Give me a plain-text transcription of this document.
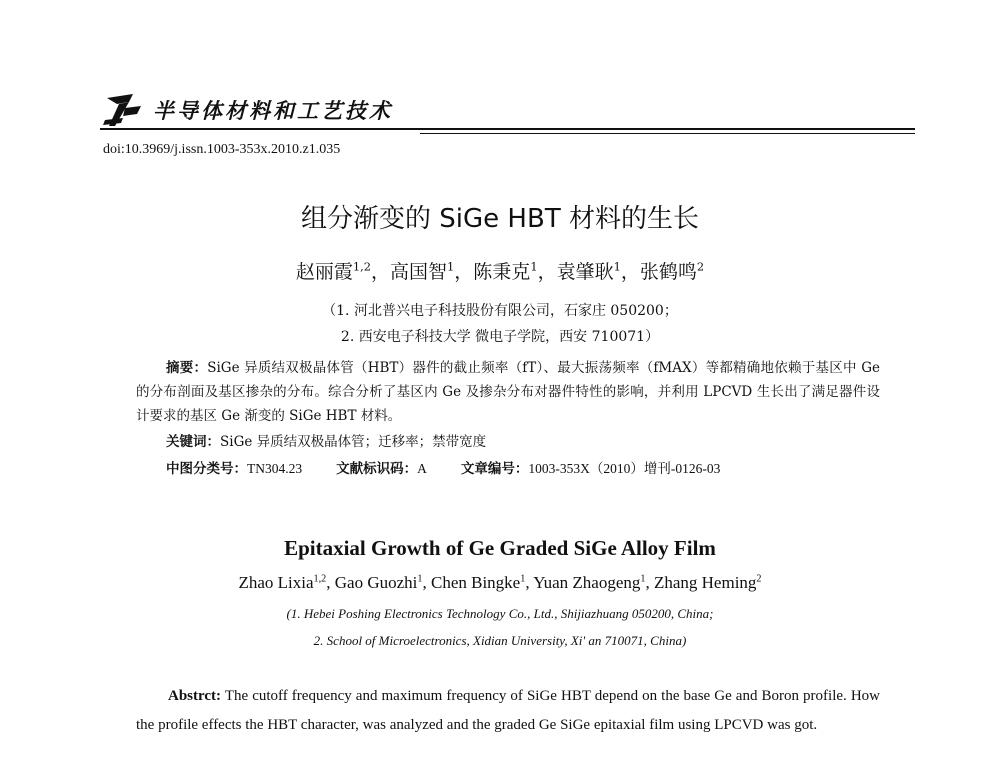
半导体材料和工艺技术
doi:10.3969/j.issn.1003-353x.2010.z1.035
组分渐变的 SiGe HBT 材料的生长
赵丽霞$^{1,2}$，高国智$^1$，陈秉克$^1$，袁肇耿$^1$，张鹤鸣$^2$
（1. 河北普兴电子科技股份有限公司，石家庄 050200；
2. 西安电子科技大学 微电子学院，西安 710071）
摘要：SiGe 异质结双极晶体管（HBT）器件的截止频率（fT）、最大振荡频率（fMAX）等都精确地依赖于基区中 Ge 的分布剖面及基区掺杂的分布。综合分析了基区内 Ge 及掺杂分布对器件特性的影响，并利用 LPCVD 生长出了满足器件设计要求的基区 Ge 渐变的 SiGe HBT 材料。
关键词：SiGe 异质结双极晶体管；迁移率；禁带宽度
中图分类号：TN304.23	文献标识码：A	文章编号：1003-353X（2010）增刊-0126-03
Epitaxial Growth of Ge Graded SiGe Alloy Film
Zhao Lixia$^{1,2}$, Gao Guozhi$^1$, Chen Bingke$^1$, Yuan Zhaogeng$^1$, Zhang Heming$^2$
(1. Hebei Poshing Electronics Technology Co., Ltd., Shijiazhuang 050200, China;
2. School of Microelectronics, Xidian University, Xi' an 710071, China)
Abstrct: The cutoff frequency and maximum frequency of SiGe HBT depend on the base Ge and Boron profile. How the profile effects the HBT character, was analyzed and the graded Ge SiGe epitaxial film using LPCVD was got.
